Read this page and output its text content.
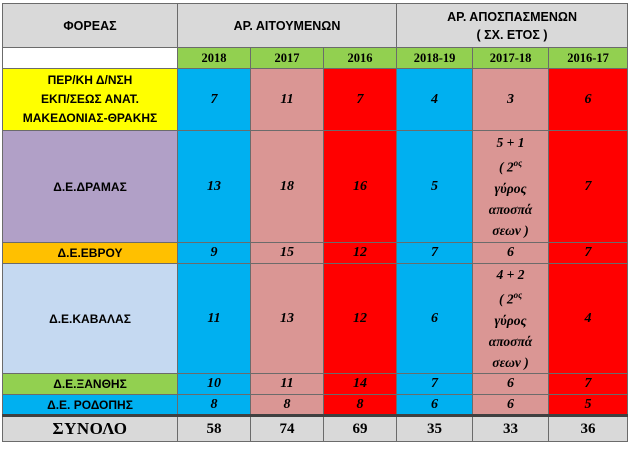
ΦΟΡΕΑΣ	ΑΡ. ΑΙΤΟΥΜΕΝΩΝ			ΑΡ. ΑΠΟΣΠΑΣΜΕΝΩΝ
( ΣΧ. ΕΤΟΣ )		

	2018	2017	2016	2018-19	2017-18	2016-17

ΠΕΡ/ΚΗ Δ/ΝΣΗ
ΕΚΠ/ΣΕΩΣ ΑΝΑΤ.
ΜΑΚΕΔΟΝΙΑΣ-ΘΡΑΚΗΣ	7	11	7	4	3	6
Δ.Ε.ΔΡΑΜΑΣ	13	18	16	5	5 + 1
( $2^{o\varsigma}$
γύρος
αποσπά
σεων )	7
Δ.Ε.ΕΒΡΟΥ	9	15	12	7	6	7
Δ.Ε.ΚΑΒΑΛΑΣ	11	13	12	6	4 + 2
( $2^{o\varsigma}$
γύρος
αποσπά
σεων )	4
Δ.Ε.ΞΑΝΘΗΣ	10	11	14	7	6	7
Δ.Ε. ΡΟΔΟΠΗΣ	8	8	8	6	6	5
ΣΥΝΟΛΟ	58	74	69	35	33	36
